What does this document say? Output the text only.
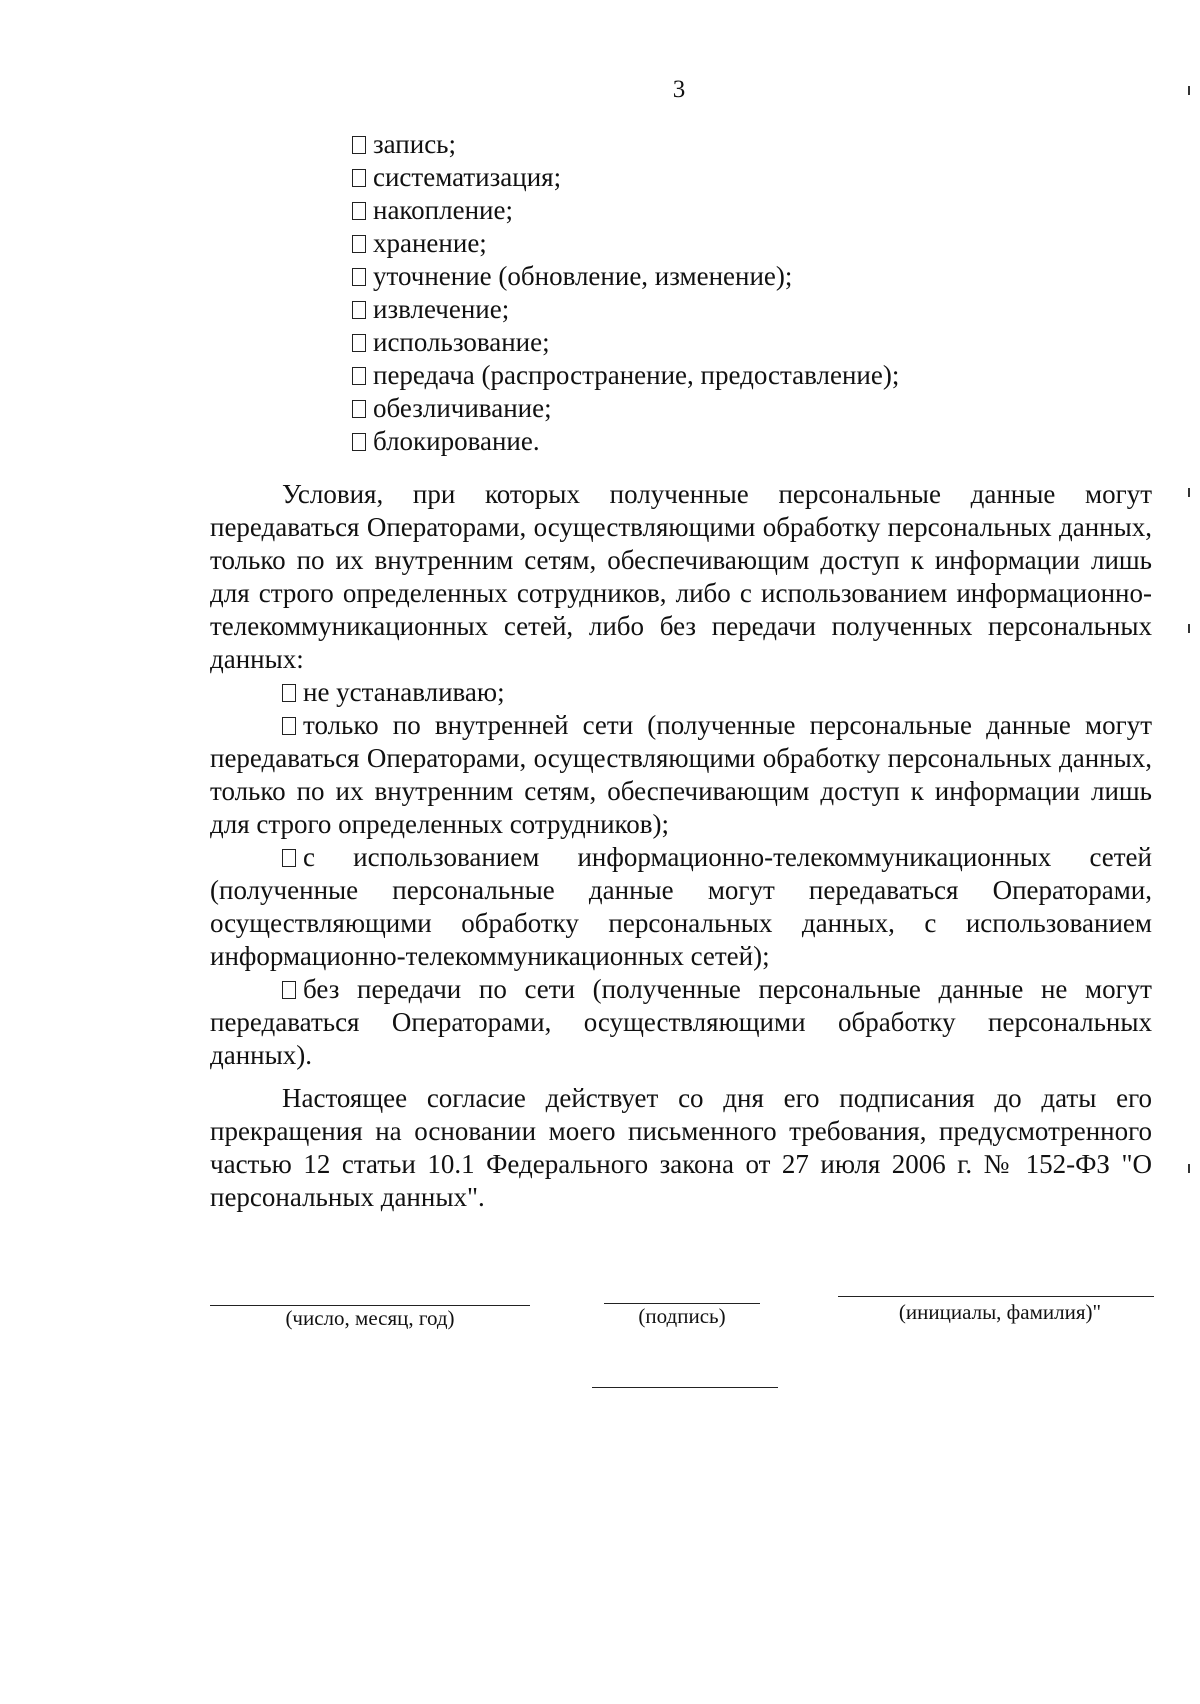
3
запись;
систематизация;
накопление;
хранение;
уточнение (обновление, изменение);
извлечение;
использование;
передача (распространение, предоставление);
обезличивание;
блокирование.

Условия, при которых полученные персональные данные могут передаваться Операторами, осуществляющими обработку персональных данных, только по их внутренним сетям, обеспечивающим доступ к информации лишь для строго определенных сотрудников, либо с использованием информационно-телекоммуникационных сетей, либо без передачи полученных персональных данных:

не устанавливаю;

только по внутренней сети (полученные персональные данные могут передаваться Операторами, осуществляющими обработку персональных данных, только по их внутренним сетям, обеспечивающим доступ к информации лишь для строго определенных сотрудников);

с использованием информационно-телекоммуникационных сетей (полученные персональные данные могут передаваться Операторами, осуществляющими обработку персональных данных, с использованием информационно-телекоммуникационных сетей);

без передачи по сети (полученные персональные данные не могут передаваться Операторами, осуществляющими обработку персональных данных).

Настоящее согласие действует со дня его подписания до даты его прекращения на основании моего письменного требования, предусмотренного частью 12 статьи 10.1 Федерального закона от 27 июля 2006 г. № 152-ФЗ "О персональных данных".

(число, месяц, год)	(подпись)	(инициалы, фамилия)"
